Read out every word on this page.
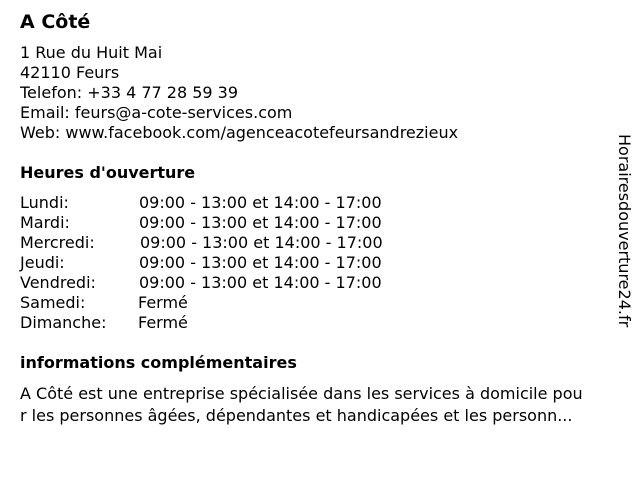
A Côté
1 Rue du Huit Mai
42110 Feurs
Telefon: +33 4 77 28 59 39
Email: feurs@a-cote-services.com
Web: www.facebook.com/agenceacotefeursandrezieux
Heures d'ouverture
Lundi:	09:00 - 13:00 et 14:00 - 17:00
Mardi:	09:00 - 13:00 et 14:00 - 17:00
Mercredi:	09:00 - 13:00 et 14:00 - 17:00
Jeudi:	09:00 - 13:00 et 14:00 - 17:00
Vendredi:	09:00 - 13:00 et 14:00 - 17:00
Samedi:	Fermé
Dimanche: Fermé
informations complémentaires
A Côté est une entreprise spécialisée dans les services à domicile pou
r les personnes âgées, dépendantes et handicapées et les personn...
Horairesdouverture24.fr
